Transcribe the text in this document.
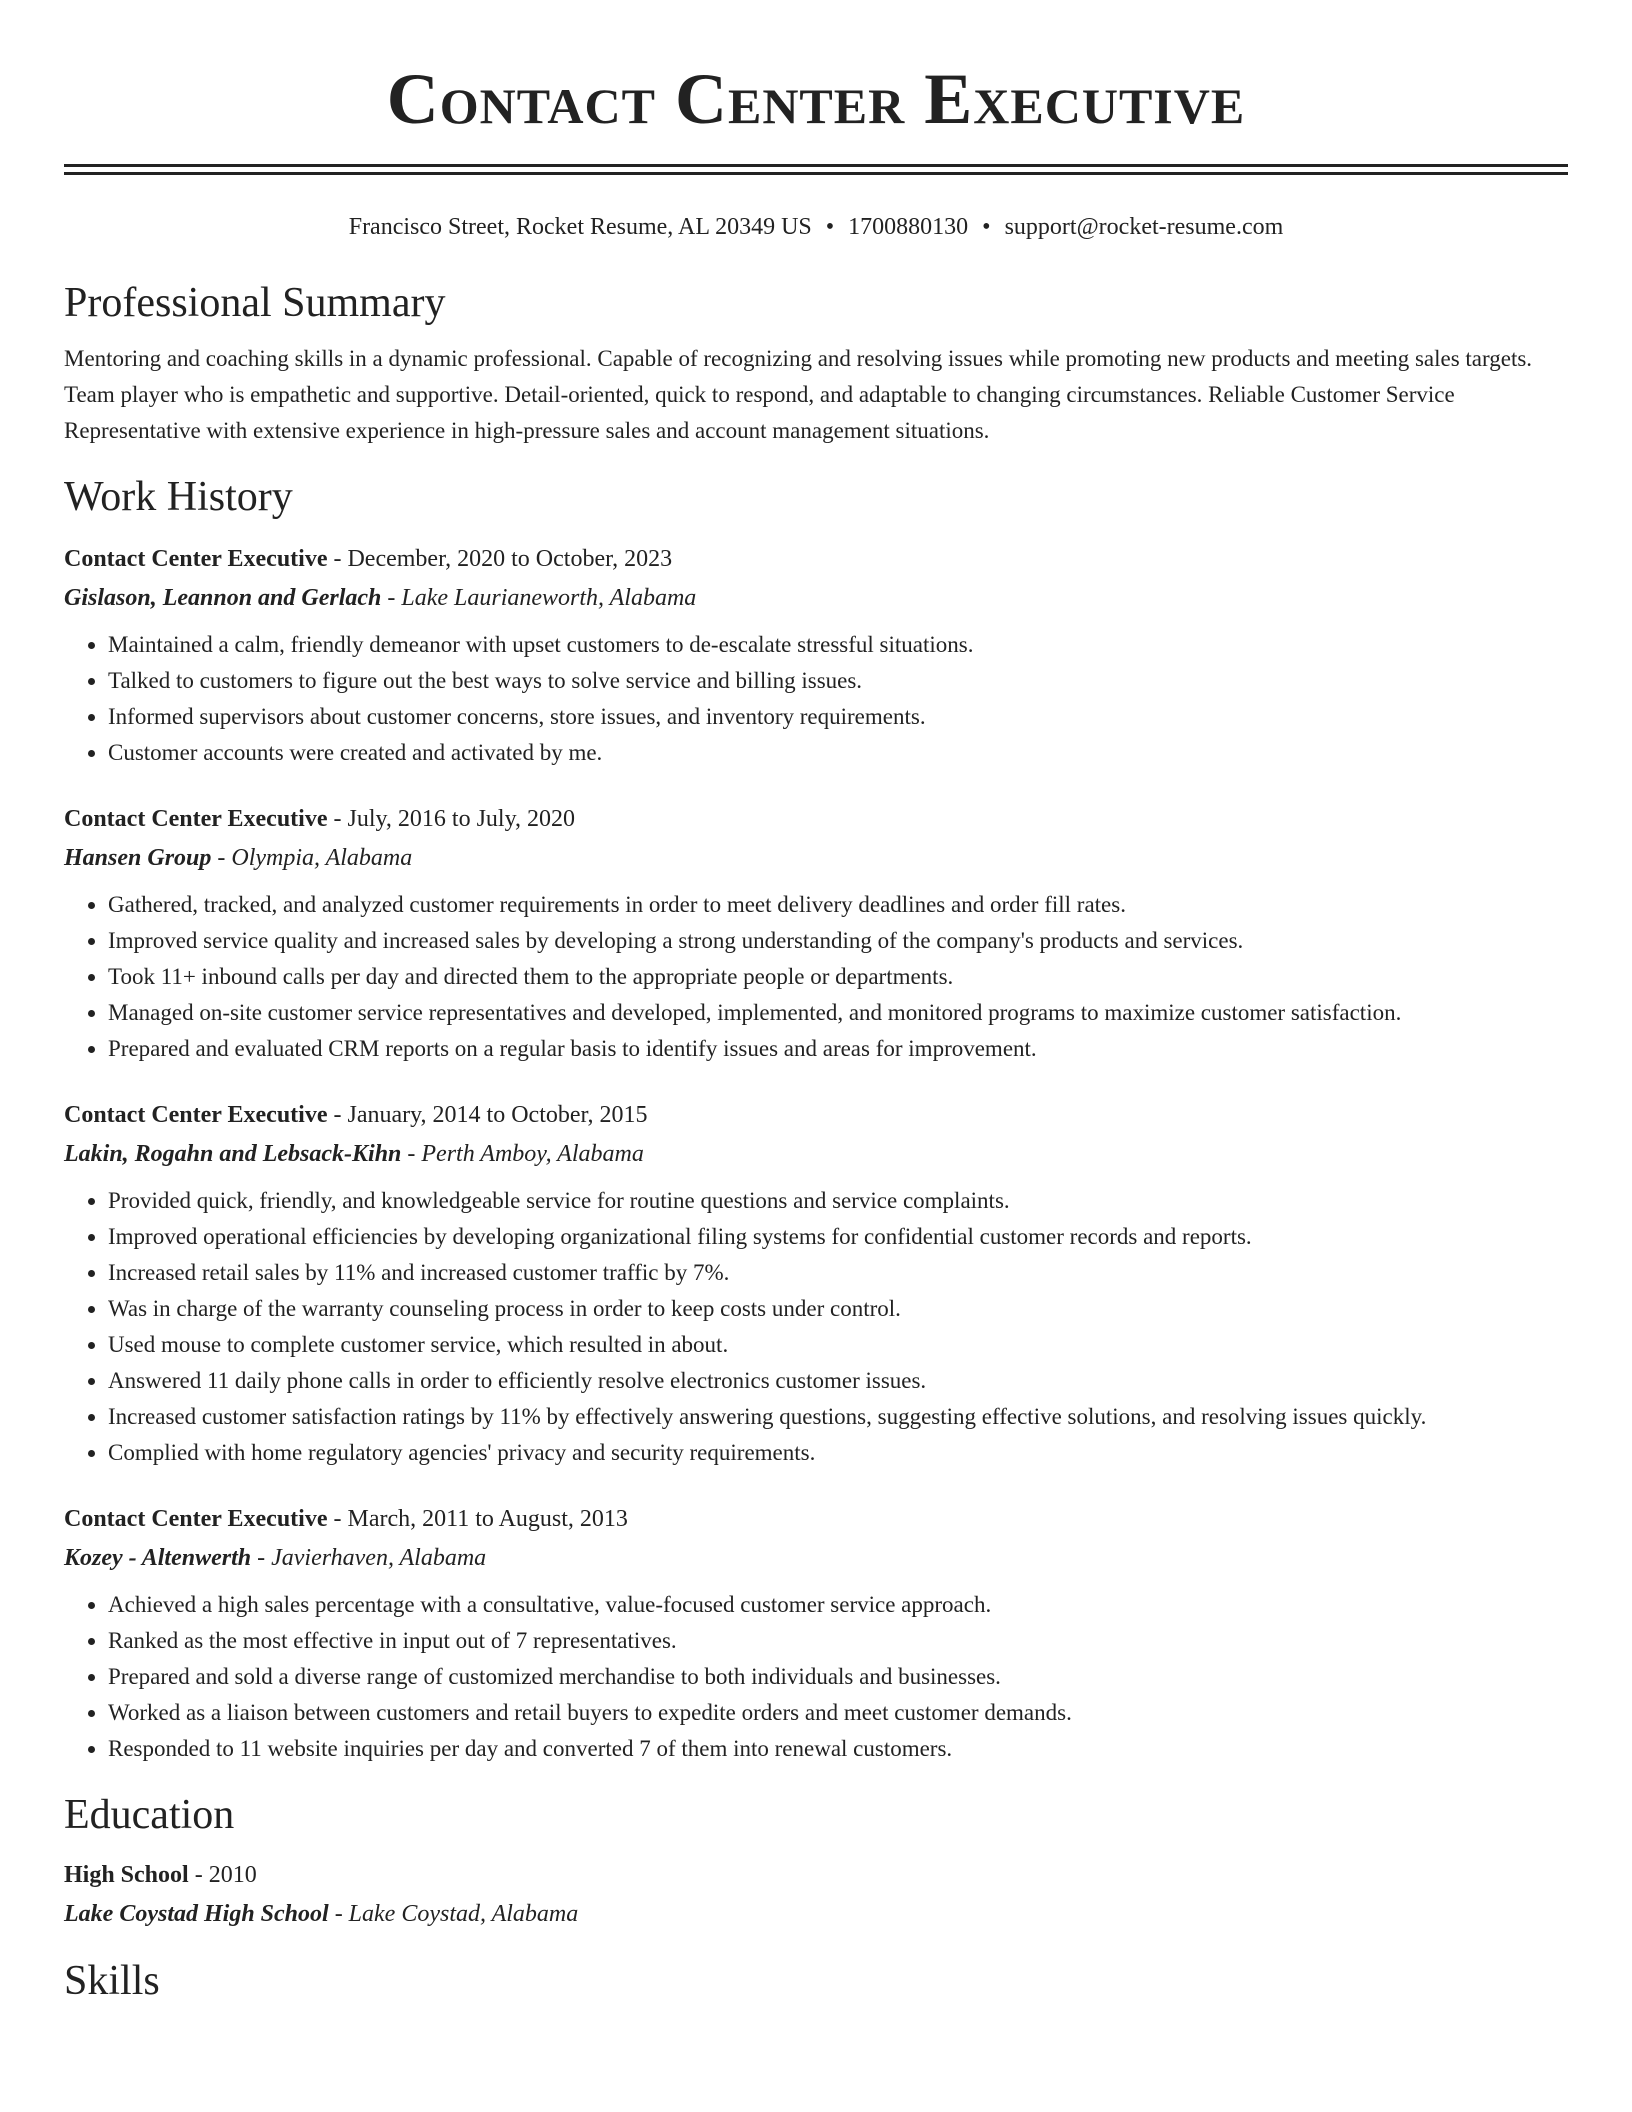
Contact Center Executive
Francisco Street, Rocket Resume, AL 20349 US • 1700880130 • support@rocket-resume.com
Professional Summary

Mentoring and coaching skills in a dynamic professional. Capable of recognizing and resolving issues while promoting new products and meeting sales targets. Team player who is empathetic and supportive. Detail-oriented, quick to respond, and adaptable to changing circumstances. Reliable Customer Service Representative with extensive experience in high-pressure sales and account management situations.

Work History
Contact Center Executive - December, 2020 to October, 2023
Gislason, Leannon and Gerlach - Lake Laurianeworth, Alabama
• Maintained a calm, friendly demeanor with upset customers to de-escalate stressful situations.
• Talked to customers to figure out the best ways to solve service and billing issues.
• Informed supervisors about customer concerns, store issues, and inventory requirements.
• Customer accounts were created and activated by me.
Contact Center Executive - July, 2016 to July, 2020
Hansen Group - Olympia, Alabama
• Gathered, tracked, and analyzed customer requirements in order to meet delivery deadlines and order fill rates.
• Improved service quality and increased sales by developing a strong understanding of the company's products and services.
• Took 11+ inbound calls per day and directed them to the appropriate people or departments.
• Managed on-site customer service representatives and developed, implemented, and monitored programs to maximize customer satisfaction.
• Prepared and evaluated CRM reports on a regular basis to identify issues and areas for improvement.
Contact Center Executive - January, 2014 to October, 2015
Lakin, Rogahn and Lebsack-Kihn - Perth Amboy, Alabama
• Provided quick, friendly, and knowledgeable service for routine questions and service complaints.
• Improved operational efficiencies by developing organizational filing systems for confidential customer records and reports.
• Increased retail sales by 11% and increased customer traffic by 7%.
• Was in charge of the warranty counseling process in order to keep costs under control.
• Used mouse to complete customer service, which resulted in about.
• Answered 11 daily phone calls in order to efficiently resolve electronics customer issues.
• Increased customer satisfaction ratings by 11% by effectively answering questions, suggesting effective solutions, and resolving issues quickly.
• Complied with home regulatory agencies' privacy and security requirements.
Contact Center Executive - March, 2011 to August, 2013
Kozey - Altenwerth - Javierhaven, Alabama
• Achieved a high sales percentage with a consultative, value-focused customer service approach.
• Ranked as the most effective in input out of 7 representatives.
• Prepared and sold a diverse range of customized merchandise to both individuals and businesses.
• Worked as a liaison between customers and retail buyers to expedite orders and meet customer demands.
• Responded to 11 website inquiries per day and converted 7 of them into renewal customers.
Education
High School - 2010
Lake Coystad High School - Lake Coystad, Alabama
Skills
